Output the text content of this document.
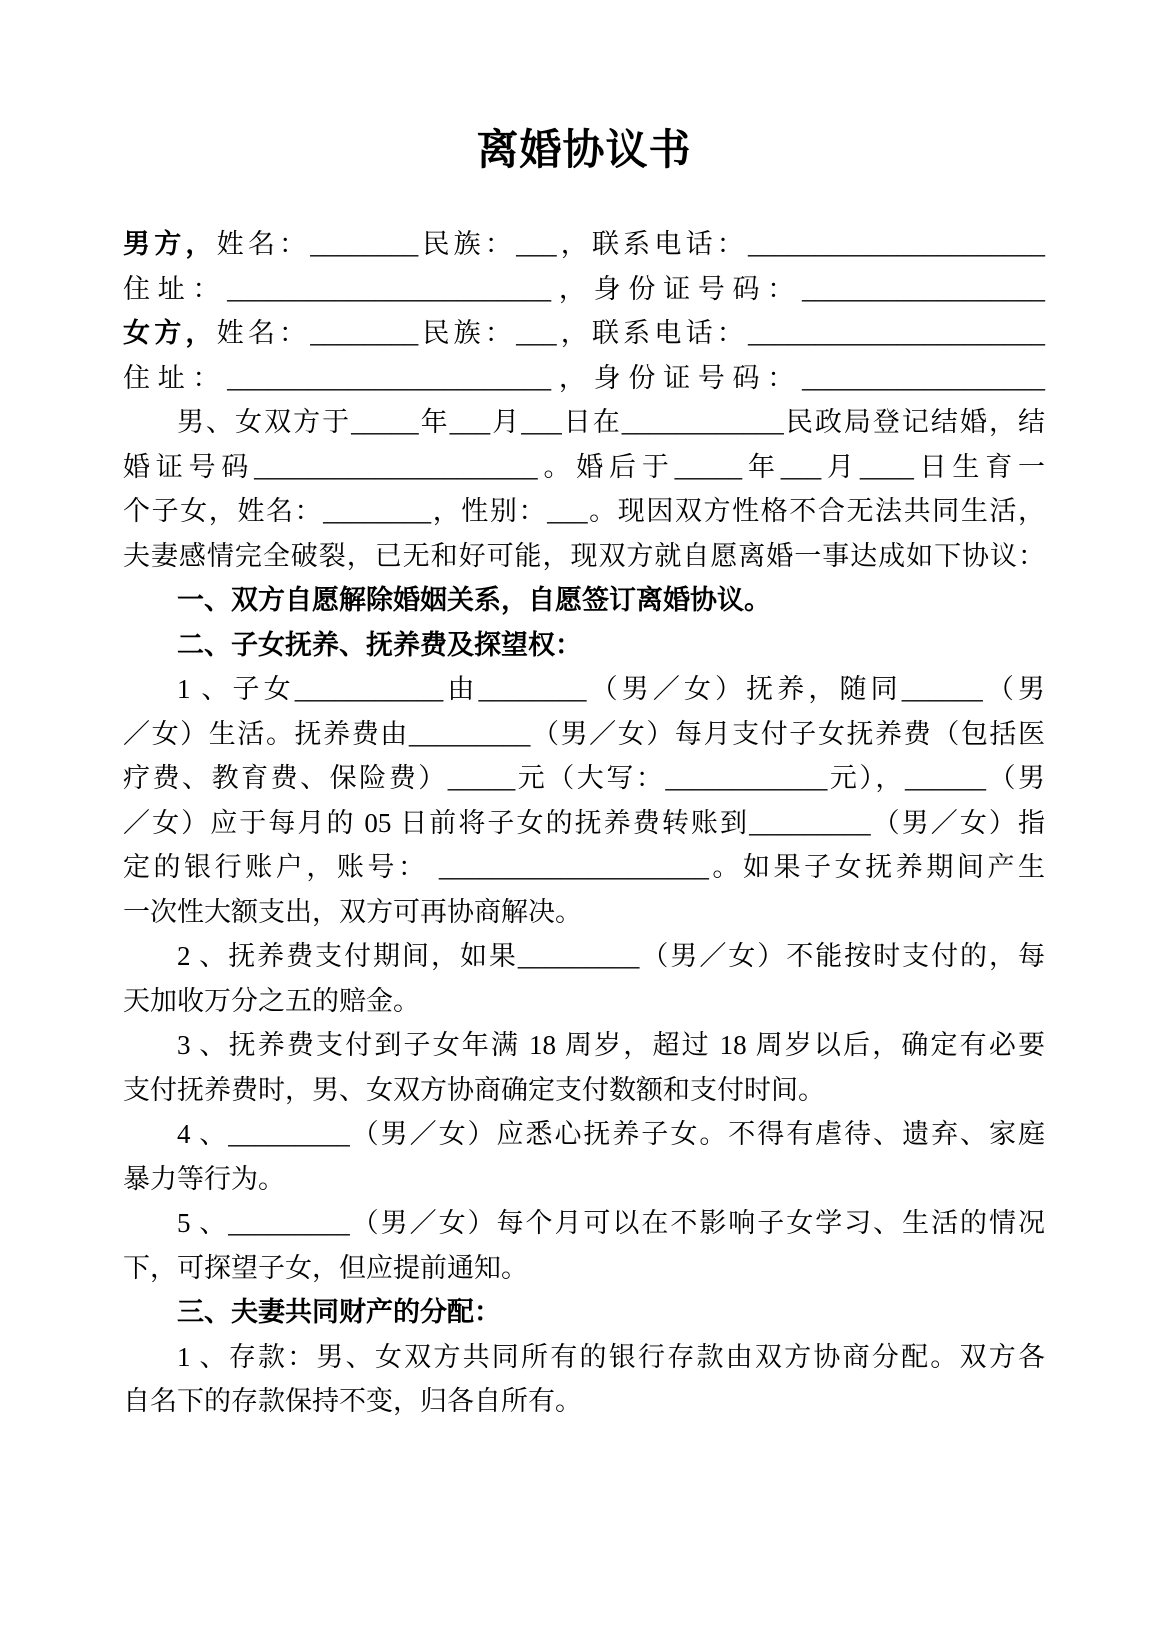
离婚协议书

男方，姓名：________民族：___，联系电话：______________________

住址：________________________，身份证号码：__________________

女方，姓名：________民族：___，联系电话：______________________

住址：________________________，身份证号码：__________________

男、女双方于_____年___月___日在____________民政局登记结婚，结

婚证号码_____________________。婚后于_____年___月____日生育一

个子女，姓名：________，性别：___。现因双方性格不合无法共同生活，

夫妻感情完全破裂，已无和好可能，现双方就自愿离婚一事达成如下协议：

一、双方自愿解除婚姻关系，自愿签订离婚协议。

二、子女抚养、抚养费及探望权：

1 、子女___________由________（男／女）抚养，随同______（男

／女）生活。抚养费由_________（男／女）每月支付子女抚养费（包括医

疗费、教育费、保险费）_____元（大写：____________元），______（男

／女）应于每月的 05 日前将子女的抚养费转账到_________（男／女）指

定的银行账户，账号： ____________________。如果子女抚养期间产生

一次性大额支出，双方可再协商解决。

2 、抚养费支付期间，如果_________（男／女）不能按时支付的，每

天加收万分之五的赔金。

3 、抚养费支付到子女年满 18 周岁，超过 18 周岁以后，确定有必要

支付抚养费时，男、女双方协商确定支付数额和支付时间。

4 、_________（男／女）应悉心抚养子女。不得有虐待、遗弃、家庭

暴力等行为。

5 、_________（男／女）每个月可以在不影响子女学习、生活的情况

下，可探望子女，但应提前通知。

三、夫妻共同财产的分配：

1 、存款：男、女双方共同所有的银行存款由双方协商分配。双方各

自名下的存款保持不变，归各自所有。
